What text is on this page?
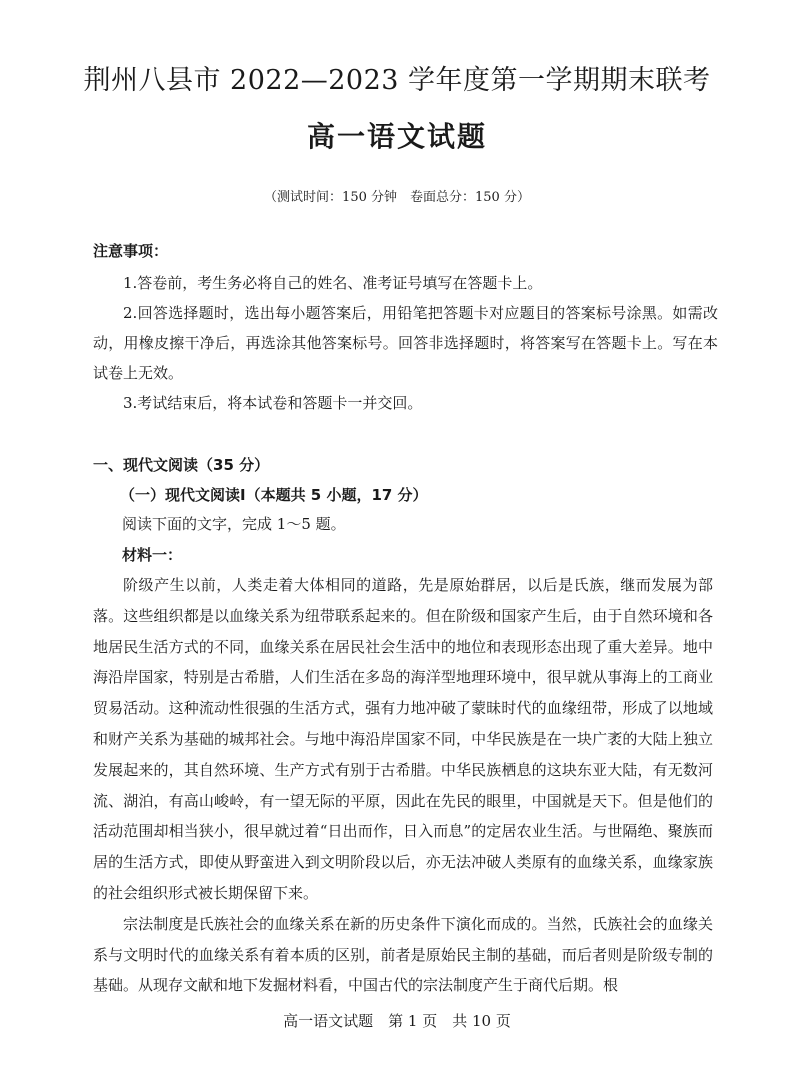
荆州八县市 2022—2023 学年度第一学期期末联考
高一语文试题
（测试时间：150 分钟　卷面总分：150 分）
注意事项：

1.答卷前，考生务必将自己的姓名、准考证号填写在答题卡上。

2.回答选择题时，选出每小题答案后，用铅笔把答题卡对应题目的答案标号涂黑。如需改动，用橡皮擦干净后，再选涂其他答案标号。回答非选择题时，将答案写在答题卡上。写在本试卷上无效。

3.考试结束后，将本试卷和答题卡一并交回。

一、现代文阅读（35 分）
（一）现代文阅读Ⅰ（本题共 5 小题，17 分）
阅读下面的文字，完成 1～5 题。
材料一：

阶级产生以前，人类走着大体相同的道路，先是原始群居，以后是氏族，继而发展为部落。这些组织都是以血缘关系为纽带联系起来的。但在阶级和国家产生后，由于自然环境和各地居民生活方式的不同，血缘关系在居民社会生活中的地位和表现形态出现了重大差异。地中海沿岸国家，特别是古希腊，人们生活在多岛的海洋型地理环境中，很早就从事海上的工商业贸易活动。这种流动性很强的生活方式，强有力地冲破了蒙昧时代的血缘纽带，形成了以地域和财产关系为基础的城邦社会。与地中海沿岸国家不同，中华民族是在一块广袤的大陆上独立发展起来的，其自然环境、生产方式有别于古希腊。中华民族栖息的这块东亚大陆，有无数河流、湖泊，有高山峻岭，有一望无际的平原，因此在先民的眼里，中国就是天下。但是他们的活动范围却相当狭小，很早就过着“日出而作，日入而息”的定居农业生活。与世隔绝、聚族而居的生活方式，即使从野蛮进入到文明阶段以后，亦无法冲破人类原有的血缘关系，血缘家族的社会组织形式被长期保留下来。

宗法制度是氏族社会的血缘关系在新的历史条件下演化而成的。当然，氏族社会的血缘关系与文明时代的血缘关系有着本质的区别，前者是原始民主制的基础，而后者则是阶级专制的基础。从现存文献和地下发掘材料看，中国古代的宗法制度产生于商代后期。根

高一语文试题　第 1 页　共 10 页
